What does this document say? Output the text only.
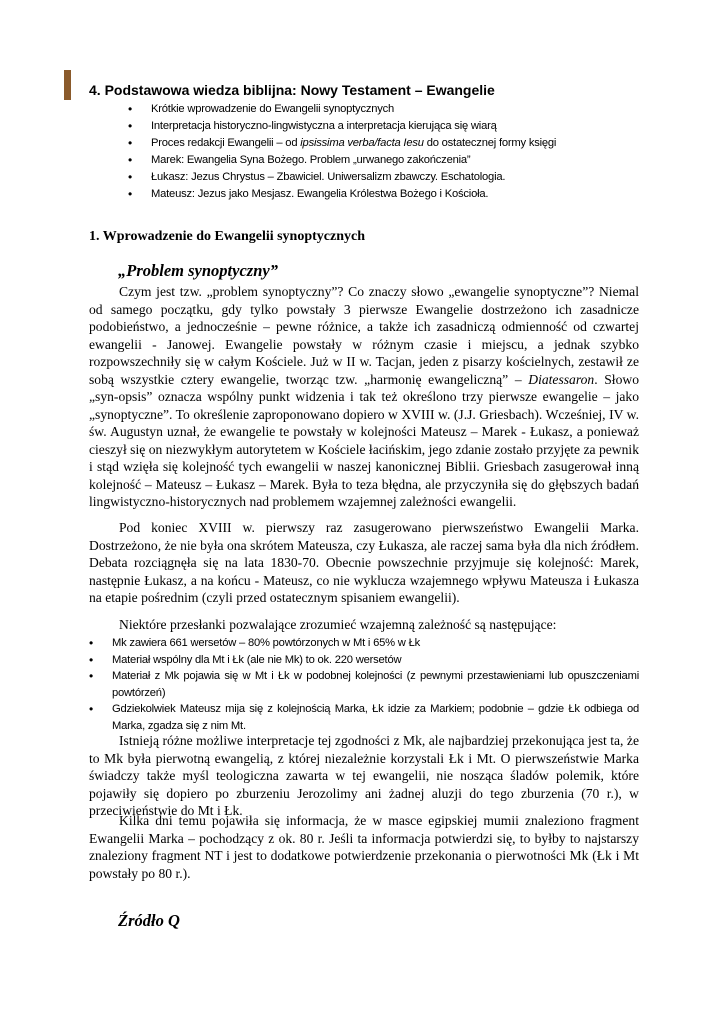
4. Podstawowa wiedza biblijna: Nowy Testament – Ewangelie
• Krótkie wprowadzenie do Ewangelii synoptycznych
• Interpretacja historyczno-lingwistyczna a interpretacja kierująca się wiarą
• Proces redakcji Ewangelii – od ipsissima verba/facta Iesu do ostatecznej formy księgi
• Marek: Ewangelia Syna Bożego. Problem „urwanego zakończenia”
• Łukasz: Jezus Chrystus – Zbawiciel. Uniwersalizm zbawczy. Eschatologia.
• Mateusz: Jezus jako Mesjasz. Ewangelia Królestwa Bożego i Kościoła.
1. Wprowadzenie do Ewangelii synoptycznych
„Problem synoptyczny”

Czym jest tzw. „problem synoptyczny”? Co znaczy słowo „ewangelie synoptyczne”? Niemal od samego początku, gdy tylko powstały 3 pierwsze Ewangelie dostrzeżono ich zasadnicze podobieństwo, a jednocześnie – pewne różnice, a także ich zasadniczą odmienność od czwartej ewangelii - Janowej. Ewangelie powstały w różnym czasie i miejscu, a jednak szybko rozpowszechniły się w całym Kościele. Już w II w. Tacjan, jeden z pisarzy kościelnych, zestawił ze sobą wszystkie cztery ewangelie, tworząc tzw. „harmonię ewangeliczną” – Diatessaron. Słowo „syn-opsis” oznacza wspólny punkt widzenia i tak też określono trzy pierwsze ewangelie – jako „synoptyczne”. To określenie zaproponowano dopiero w XVIII w. (J.J. Griesbach). Wcześniej, IV w. św. Augustyn uznał, że ewangelie te powstały w kolejności Mateusz – Marek - Łukasz, a ponieważ cieszył się on niezwykłym autorytetem w Kościele łacińskim, jego zdanie zostało przyjęte za pewnik i stąd wzięła się kolejność tych ewangelii w naszej kanonicznej Biblii. Griesbach zasugerował inną kolejność – Mateusz – Łukasz – Marek. Była to teza błędna, ale przyczyniła się do głębszych badań lingwistyczno-historycznych nad problemem wzajemnej zależności ewangelii.

Pod koniec XVIII w. pierwszy raz zasugerowano pierwszeństwo Ewangelii Marka. Dostrzeżono, że nie była ona skrótem Mateusza, czy Łukasza, ale raczej sama była dla nich źródłem. Debata rozciągnęła się na lata 1830-70. Obecnie powszechnie przyjmuje się kolejność: Marek, następnie Łukasz, a na końcu - Mateusz, co nie wyklucza wzajemnego wpływu Mateusza i Łukasza na etapie pośrednim (czyli przed ostatecznym spisaniem ewangelii).

Niektóre przesłanki pozwalające zrozumieć wzajemną zależność są następujące:

• Mk zawiera 661 wersetów – 80% powtórzonych w Mt i 65% w Łk
• Materiał wspólny dla Mt i Łk (ale nie Mk) to ok. 220 wersetów
• Materiał z Mk pojawia się w Mt i Łk w podobnej kolejności (z pewnymi przestawieniami lub opuszczeniami powtórzeń)
• Gdziekolwiek Mateusz mija się z kolejnością Marka, Łk idzie za Markiem; podobnie – gdzie Łk odbiega od Marka, zgadza się z nim Mt.

Istnieją różne możliwe interpretacje tej zgodności z Mk, ale najbardziej przekonująca jest ta, że to Mk była pierwotną ewangelią, z której niezależnie korzystali Łk i Mt. O pierwszeństwie Marka świadczy także myśl teologiczna zawarta w tej ewangelii, nie nosząca śladów polemik, które pojawiły się dopiero po zburzeniu Jerozolimy ani żadnej aluzji do tego zburzenia (70 r.), w przeciwieństwie do Mt i Łk.

Kilka dni temu pojawiła się informacja, że w masce egipskiej mumii znaleziono fragment Ewangelii Marka – pochodzący z ok. 80 r. Jeśli ta informacja potwierdzi się, to byłby to najstarszy znaleziony fragment NT i jest to dodatkowe potwierdzenie przekonania o pierwotności Mk (Łk i Mt powstały po 80 r.).

Źródło Q
